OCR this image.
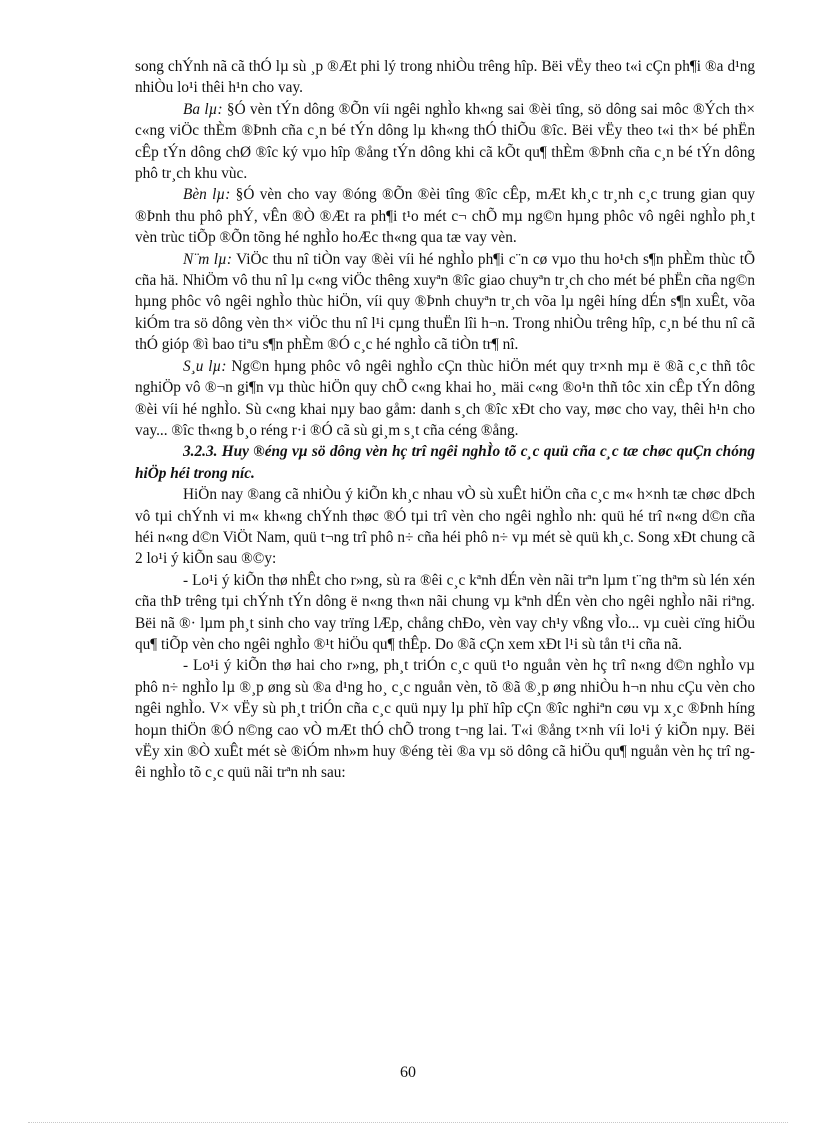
song chÝnh nã cã thÓ lµ sù ¸p ®Æt phi lý trong nhiÒu trêng hîp. Bëi vËy theo t«i cÇn ph¶i ®a d¹ng nhiÒu lo¹i thêi h¹n cho vay.

Ba lµ: §Ó vèn tÝn dông ®Õn víi ngêi nghÌo kh«ng sai ®èi tîng, sö dông sai môc ®Ých th× c«ng viÖc thÈm ®Þnh cña c¸n bé tÝn dông lµ kh«ng thÓ thiÕu ®îc. Bëi vËy theo t«i th× bé phËn cÊp tÝn dông chØ ®îc ký vµo hîp ®ång tÝn dông khi cã kÕt qu¶ thÈm ®Þnh cña c¸n bé tÝn dông phô tr¸ch khu vùc.

Bèn lµ: §Ó vèn cho vay ®óng ®Õn ®èi tîng ®îc cÊp, mÆt kh¸c tr¸nh c¸c trung gian quy ®Þnh thu phô phÝ, vÊn ®Ò ®Æt ra ph¶i t¹o mét c¬ chÕ mµ ng©n hµng phôc vô ngêi nghÌo ph¸t vèn trùc tiÕp ®Õn tõng hé nghÌo hoÆc th«ng qua tæ vay vèn.

N¨m lµ: ViÖc thu nî tiÒn vay ®èi víi hé nghÌo ph¶i c¨n cø vµo thu ho¹ch s¶n phÈm thùc tÕ cña hä. NhiÖm vô thu nî lµ c«ng viÖc thêng xuyªn ®îc giao chuyªn tr¸ch cho mét bé phËn cña ng©n hµng phôc vô ngêi nghÌo thùc hiÖn, víi quy ®Þnh chuyªn tr¸ch võa lµ ngêi híng dÉn s¶n xuÊt, võa kiÓm tra sö dông vèn th× viÖc thu nî l¹i cµng thuËn lîi h¬n. Trong nhiÒu trêng hîp, c¸n bé thu nî cã thÓ gióp ®ì bao tiªu s¶n phÈm ®Ó c¸c hé nghÌo cã tiÒn tr¶ nî.

S¸u lµ: Ng©n hµng phôc vô ngêi nghÌo cÇn thùc hiÖn mét quy tr×nh mµ ë ®ã c¸c thñ tôc nghiÖp vô ®¬n gi¶n vµ thùc hiÖn quy chÕ c«ng khai ho¸ mäi c«ng ®o¹n thñ tôc xin cÊp tÝn dông ®èi víi hé nghÌo. Sù c«ng khai nµy bao gåm: danh s¸ch ®îc xÐt cho vay, møc cho vay, thêi h¹n cho vay... ®îc th«ng b¸o réng r·i ®Ó cã sù gi¸m s¸t cña céng ®ång.

3.2.3. Huy ®éng vµ sö dông vèn hç trî ngêi nghÌo tõ c¸c quü cña c¸c tæ chøc quÇn chóng hiÖp héi trong níc.

HiÖn nay ®ang cã nhiÒu ý kiÕn kh¸c nhau vÒ sù xuÊt hiÖn cña c¸c m« h×nh tæ chøc dÞch vô tµi chÝnh vi m« kh«ng chÝnh thøc ®Ó tµi trî vèn cho ngêi nghÌo nh: quü hé trî n«ng d©n cña héi n«ng d©n ViÖt Nam, quü t¬ng trî phô n÷ cña héi phô n÷ vµ mét sè quü kh¸c. Song xÐt chung cã 2 lo¹i ý kiÕn sau ®©y:

- Lo¹i ý kiÕn thø nhÊt cho r»ng, sù ra ®êi c¸c kªnh dÉn vèn nãi trªn lµm t¨ng thªm sù lén xén cña thÞ trêng tµi chÝnh tÝn dông ë n«ng th«n nãi chung vµ kªnh dÉn vèn cho ngêi nghÌo nãi riªng. Bëi nã ®· lµm ph¸t sinh cho vay trïng lÆp, chång chÐo, vèn vay ch¹y vßng vÌo... vµ cuèi cïng hiÖu qu¶ tiÕp vèn cho ngêi nghÌo ®¹t hiÖu qu¶ thÊp. Do ®ã cÇn xem xÐt l¹i sù tån t¹i cña nã.

- Lo¹i ý kiÕn thø hai cho r»ng, ph¸t triÓn c¸c quü t¹o nguån vèn hç trî n«ng d©n nghÌo vµ phô n÷ nghÌo lµ ®¸p øng sù ®a d¹ng ho¸ c¸c nguån vèn, tõ ®ã ®¸p øng nhiÒu h¬n nhu cÇu vèn cho ngêi nghÌo. V× vËy sù ph¸t triÓn cña c¸c quü nµy lµ phï hîp cÇn ®îc nghiªn cøu vµ x¸c ®Þnh híng hoµn thiÖn ®Ó n©ng cao vÒ mÆt thÓ chÕ trong t¬ng lai. T«i ®ång t×nh víi lo¹i ý kiÕn nµy. Bëi vËy xin ®Ò xuÊt mét sè ®iÓm nh»m huy ®éng tèi ®a vµ sö dông cã hiÖu qu¶ nguån vèn hç trî ngêi nghÌo tõ c¸c quü nãi trªn nh sau:

60
